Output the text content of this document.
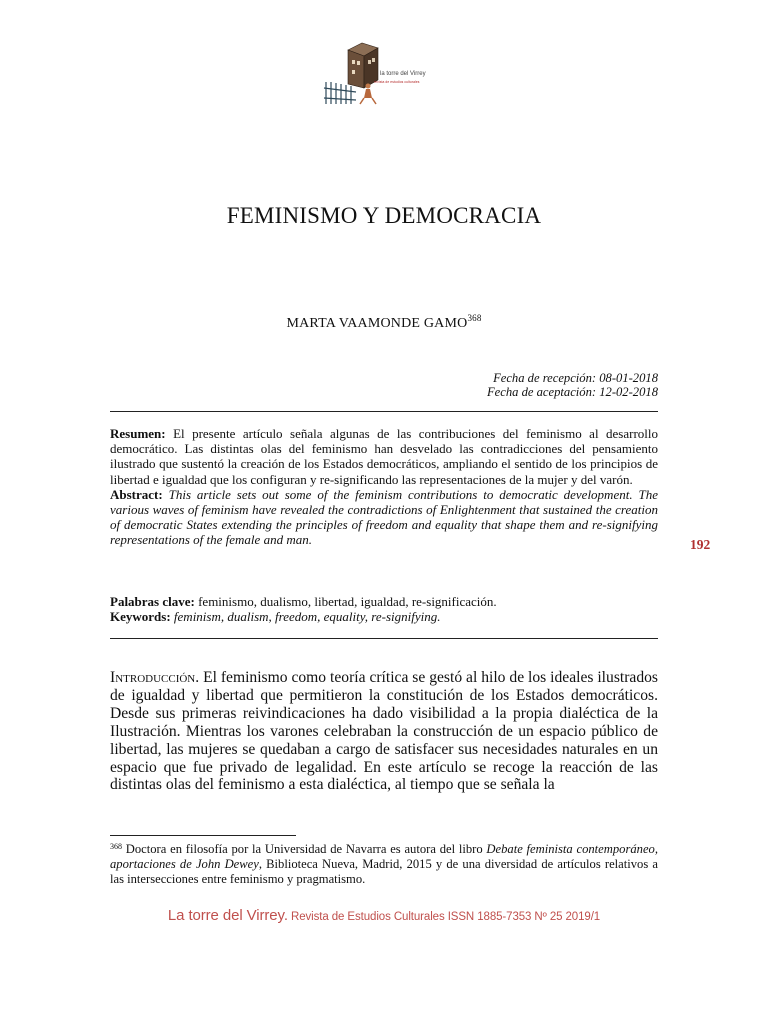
la torre del Virrey
revista de estudios culturales
FEMINISMO Y DEMOCRACIA
MARTA VAAMONDE GAMO$^{368}$
Fecha de recepción: 08-01-2018
Fecha de aceptación: 12-02-2018

Resumen: El presente artículo señala algunas de las contribuciones del feminismo al desarrollo democrático. Las distintas olas del feminismo han desvelado las contradicciones del pensamiento ilustrado que sustentó la creación de los Estados democráticos, ampliando el sentido de los principios de libertad e igualdad que los configuran y re-significando las representaciones de la mujer y del varón.

Abstract: This article sets out some of the feminism contributions to democratic development. The various waves of feminism have revealed the contradictions of Enlightenment that sustained the creation of democratic States extending the principles of freedom and equality that shape them and re-signifying representations of the female and man.

Palabras clave: feminismo, dualismo, libertad, igualdad, re-significación.

Keywords: feminism, dualism, freedom, equality, re-signifying.

192
Introducción. El feminismo como teoría crítica se gestó al hilo de los ideales ilustrados de igualdad y libertad que permitieron la constitución de los Estados democráticos. Desde sus primeras reivindicaciones ha dado visibilidad a la propia dialéctica de la Ilustración. Mientras los varones celebraban la construcción de un espacio público de libertad, las mujeres se quedaban a cargo de satisfacer sus necesidades naturales en un espacio que fue privado de legalidad. En este artículo se recoge la reacción de las distintas olas del feminismo a esta dialéctica, al tiempo que se señala la
$^{368}$ Doctora en filosofía por la Universidad de Navarra es autora del libro Debate feminista contemporáneo, aportaciones de John Dewey, Biblioteca Nueva, Madrid, 2015 y de una diversidad de artículos relativos a las intersecciones entre feminismo y pragmatismo.
La torre del Virrey. Revista de Estudios Culturales ISSN 1885-7353 Nº 25 2019/1
